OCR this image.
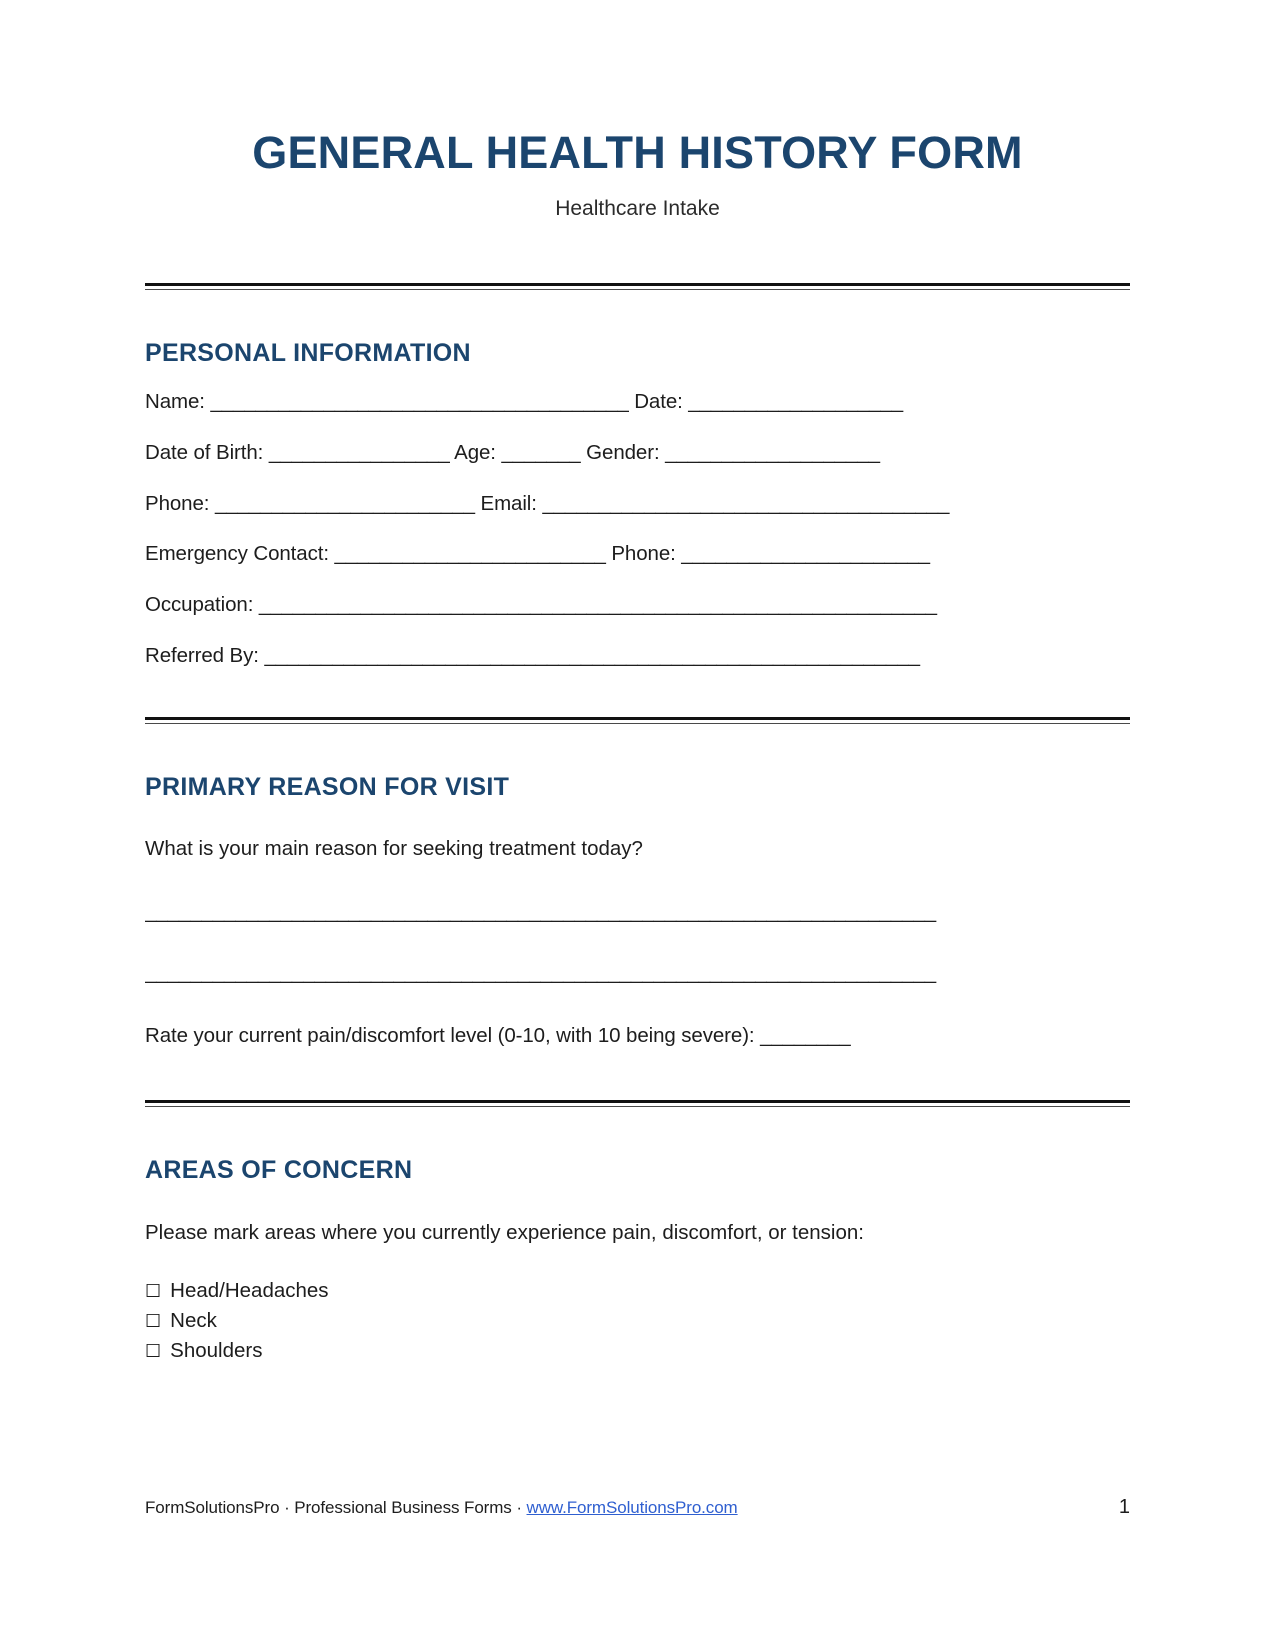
GENERAL HEALTH HISTORY FORM

Healthcare Intake

PERSONAL INFORMATION
Name: _____________________________________ Date: ___________________
Date of Birth: ________________ Age: _______ Gender: ___________________
Phone: _______________________ Email: ____________________________________
Emergency Contact: ________________________ Phone: ______________________
Occupation: ____________________________________________________________
Referred By: __________________________________________________________
PRIMARY REASON FOR VISIT

What is your main reason for seeking treatment today?

______________________________________________________________________
______________________________________________________________________
Rate your current pain/discomfort level (0-10, with 10 being severe): ________
AREAS OF CONCERN

Please mark areas where you currently experience pain, discomfort, or tension:

☐ Head/Headaches
☐ Neck
☐ Shoulders
FormSolutionsPro · Professional Business Forms · www.FormSolutionsPro.com	1
